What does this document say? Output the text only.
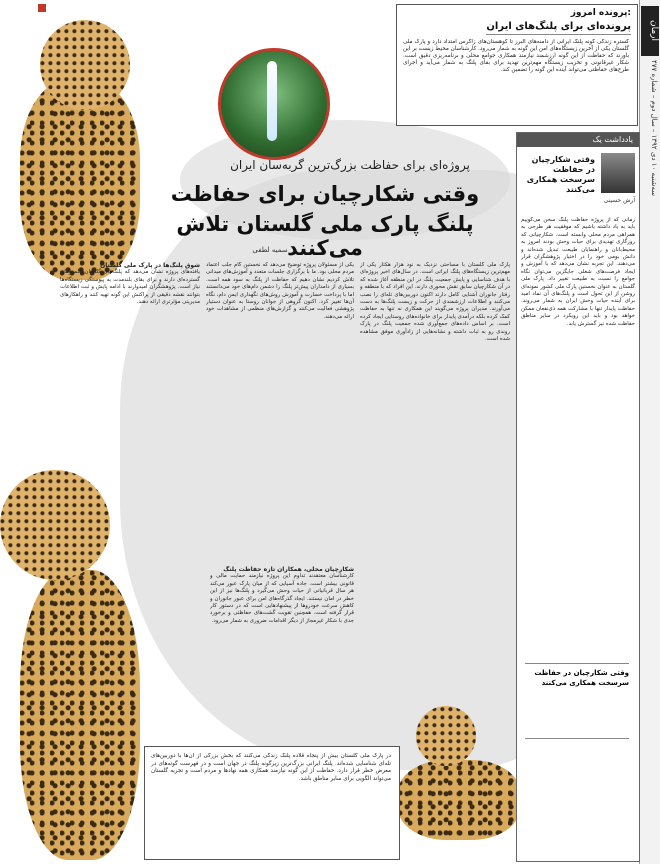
آرمان
سه‌شنبه ۱۰ دی ۱۳۹۲ – سال دوم – شماره ۴۷۷
پرونده امروز:
پرونده‌ای برای پلنگ‌های ایران
گستره زندگی گونه پلنگ ایرانی از دامنه‌های البرز تا کوهستان‌های زاگرس امتداد دارد و پارک ملی گلستان یکی از آخرین زیستگاه‌های امن این گونه به شمار می‌رود. کارشناسان محیط زیست بر این باورند که حفاظت از این گونه ارزشمند نیازمند همکاری جوامع محلی و برنامه‌ریزی دقیق است. شکار غیرقانونی و تخریب زیستگاه مهم‌ترین تهدید برای بقای پلنگ به شمار می‌آید و اجرای طرح‌های حفاظتی می‌تواند آینده این گونه را تضمین کند.
پروژه‌ای برای حفاظت بزرگ‌ترین گربه‌سان ایران
وقتی شکارچیان برای حفاظت
پلنگ پارک ملی گلستان تلاش می‌کنند
سمیه لطفی
پارک ملی گلستان با مساحتی نزدیک به نود هزار هکتار یکی از مهم‌ترین زیستگاه‌های پلنگ ایرانی است. در سال‌های اخیر پروژه‌ای با هدف شناسایی و پایش جمعیت پلنگ در این منطقه آغاز شده که در آن شکارچیان سابق نقش محوری دارند. این افراد که با منطقه و رفتار جانوران آشنایی کامل دارند اکنون دوربین‌های تله‌ای را نصب می‌کنند و اطلاعات ارزشمندی از حرکت و زیست پلنگ‌ها به دست می‌آورند. مدیران پروژه می‌گویند این همکاری نه تنها به حفاظت کمک کرده بلکه درآمدی پایدار برای خانواده‌های روستایی ایجاد کرده است. بر اساس داده‌های جمع‌آوری شده جمعیت پلنگ در پارک روندی رو به ثبات داشته و نشانه‌هایی از زادآوری موفق مشاهده شده است.
یکی از مسئولان پروژه توضیح می‌دهد که نخستین گام جلب اعتماد مردم محلی بود. ما با برگزاری جلسات متعدد و آموزش‌های میدانی تلاش کردیم نشان دهیم که حفاظت از پلنگ به سود همه است. بسیاری از دامداران پیش‌تر پلنگ را دشمن دام‌های خود می‌دانستند اما با پرداخت خسارت و آموزش روش‌های نگهداری ایمن دام، نگاه آن‌ها تغییر کرد. اکنون گروهی از جوانان روستا به عنوان دستیار پژوهشی فعالیت می‌کنند و گزارش‌های منظمی از مشاهدات خود ارائه می‌دهند.
شکارچیان محلی، همکاران تازه حفاظت پلنگ
کارشناسان معتقدند تداوم این پروژه نیازمند حمایت مالی و قانونی بیشتر است. جاده آسیایی که از میان پارک عبور می‌کند هر سال قربانیانی از حیات وحش می‌گیرد و پلنگ‌ها نیز از این خطر در امان نیستند. ایجاد گذرگاه‌های امن برای عبور جانوران و کاهش سرعت خودروها از پیشنهادهایی است که در دستور کار قرار گرفته است. همچنین تقویت گشت‌های حفاظتی و برخورد جدی با شکار غیرمجاز از دیگر اقدامات ضروری به شمار می‌رود.
شوق پلنگ‌ها در پارک ملی گلستان
یافته‌های پروژه نشان می‌دهد که پلنگ‌های گلستان قلمروهای گسترده‌ای دارند و برای بقای بلندمدت به پیوستگی زیستگاه‌ها نیاز است. پژوهشگران امیدوارند با ادامه پایش و ثبت اطلاعات بتوانند نقشه دقیقی از پراکنش این گونه تهیه کنند و راهکارهای مدیریتی مؤثرتری ارائه دهند.
در پارک ملی گلستان بیش از پنجاه قلاده پلنگ زندگی می‌کنند که بخش بزرگی از آن‌ها با دوربین‌های تله‌ای شناسایی شده‌اند. پلنگ ایرانی بزرگ‌ترین زیرگونه پلنگ در جهان است و در فهرست گونه‌های در معرض خطر قرار دارد. حفاظت از این گونه نیازمند همکاری همه نهادها و مردم است و تجربه گلستان می‌تواند الگویی برای سایر مناطق باشد.
یادداشت یک
وقتی شکارچیان در حفاظت سرسخت همکاری می‌کنند
آرش حسینی
زمانی که از پروژه حفاظت پلنگ سخن می‌گوییم باید به یاد داشته باشیم که موفقیت هر طرحی به همراهی مردم محلی وابسته است. شکارچیانی که روزگاری تهدیدی برای حیات وحش بودند امروز به محیط‌بانان و راهنمایان طبیعت تبدیل شده‌اند و دانش بومی خود را در اختیار پژوهشگران قرار می‌دهند. این تجربه نشان می‌دهد که با آموزش و ایجاد فرصت‌های شغلی جایگزین می‌توان نگاه جوامع را نسبت به طبیعت تغییر داد. پارک ملی گلستان به عنوان نخستین پارک ملی کشور نمونه‌ای روشن از این تحول است و پلنگ‌های آن نماد امید برای آینده حیات وحش ایران به شمار می‌روند. حفاظت پایدار تنها با مشارکت همه ذی‌نفعان ممکن خواهد بود و باید این رویکرد در سایر مناطق حفاظت شده نیز گسترش یابد.
وقتی شکارچیان در حفاظت سرسخت همکاری می‌کنند
